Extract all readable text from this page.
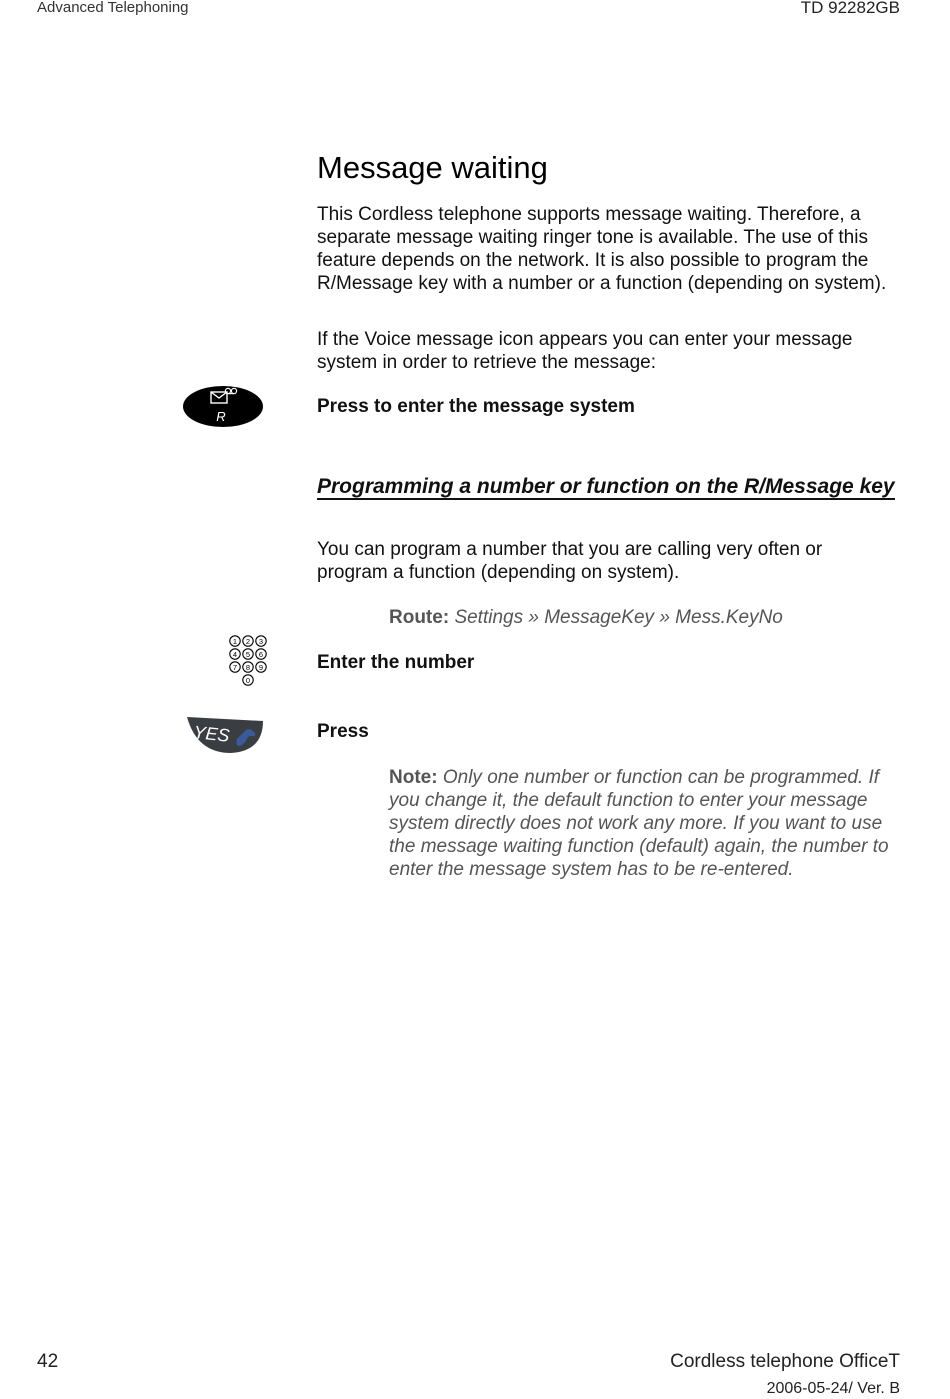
Advanced Telephoning	TD 92282GB
Message waiting

This Cordless telephone supports message waiting. Therefore, a separate message waiting ringer tone is available. The use of this feature depends on the network. It is also possible to program the R/Message key with a number or a function (depending on system).

If the Voice message icon appears you can enter your message system in order to retrieve the message:

R	Press to enter the message system
Programming a number or function on the R/Message key

You can program a number that you are calling very often or program a function (depending on system).

Route: Settings » MessageKey » Mess.KeyNo
1 2 3
4 5 6
7 8 9
0
Enter the number
YES	Press

Note: Only one number or function can be programmed. If you change it, the default function to enter your message system directly does not work any more. If you want to use the message waiting function (default) again, the number to enter the message system has to be re-entered.

42	Cordless telephone OfficeT
2006-05-24/ Ver. B
